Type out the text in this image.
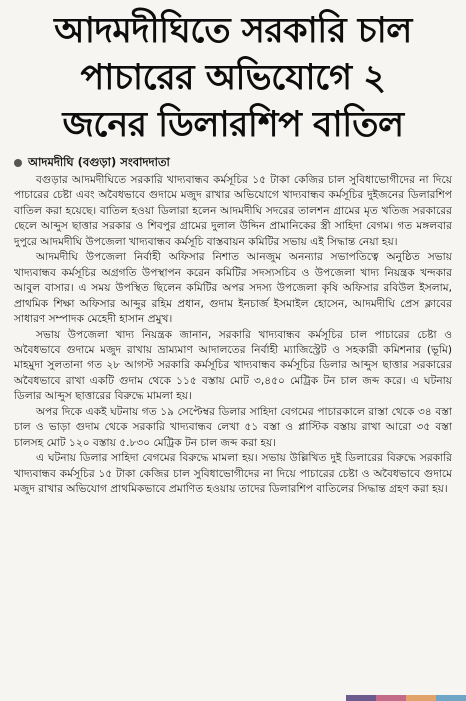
আদমদীঘিতে সরকারি চাল
পাচারের অভিযোগে ২
জনের ডিলারশিপ বাতিল
আদমদীঘি (বগুড়া) সংবাদদাতা

বগুড়ার আদমদীঘিতে সরকারি খাদ্যবান্ধব কর্মসূচির ১৫ টাকা কেজির চাল সুবিধাভোগীদের না দিয়ে পাচারের চেষ্টা এবং অবৈধভাবে গুদামে মজুদ রাখার অভিযোগে খাদ্যবান্ধব কর্মসূচির দুইজনের ডিলারশিপ বাতিল করা হয়েছে। বাতিল হওয়া ডিলারা হলেন আদমদীঘি সদরের তালশন গ্রামের মৃত খতিজ সরকারের ছেলে আব্দুস ছাত্তার সরকার ও শিবপুর গ্রামের দুলাল উদ্দিন প্রামানিকের স্ত্রী সাহিদা বেগম। গত মঙ্গলবার দুপুরে আদমদীঘি উপজেলা খাদ্যবান্ধব কর্মসূচি বাস্তবায়ন কমিটির সভায় এই সিদ্ধান্ত নেয়া হয়।

আদমদীঘি উপজেলা নির্বাহী অফিসার নিশাত আনজুম অনন্যার সভাপতিত্বে অনুষ্ঠিত সভায় খাদ্যবান্ধব কর্মসূচির অগ্রগতি উপস্থাপন করেন কমিটির সদস্যসচিব ও উপজেলা খাদ্য নিয়ন্ত্রক খন্দকার আবুল বাসার। এ সময় উপস্থিত ছিলেন কমিটির অপর সদস্য উপজেলা কৃষি অফিসার রবিউল ইসলাম, প্রাথমিক শিক্ষা অফিসার আব্দুর রহিম প্রধান, গুদাম ইনচার্জ ইসমাইল হোসেন, আদমদীঘি প্রেস ক্লাবের সাধারণ সম্পাদক মেহেদী হাসান প্রমুখ।

সভায় উপজেলা খাদ্য নিয়ন্ত্রক জানান, সরকারি খাদ্যবান্ধব কর্মসূচির চাল পাচারের চেষ্টা ও অবৈধভাবে গুদামে মজুদ রাখায় ভ্রাম্যমাণ আদালতের নির্বাহী ম্যাজিস্ট্রেট ও সহকারী কমিশনার (ভূমি) মাহমুদা সুলতানা গত ২৮ আগস্ট সরকারি কর্মসূচির খাদ্যবান্ধব কর্মসূচির ডিলার আব্দুস ছাত্তার সরকারের অবৈধভাবে রাখা একটি গুদাম থেকে ১১৫ বস্তায় মোট ৩,৪৫০ মেট্রিক টন চাল জব্দ করে। এ ঘটনায় ডিলার আব্দুস ছাত্তারের বিরুদ্ধে মামলা হয়।

অপর দিকে একই ঘটনায় গত ১৯ সেপ্টেম্বর ডিলার সাহিদা বেগমের পাচারকালে রাস্তা থেকে ৩৪ বস্তা চাল ও ভাড়া গুদাম থেকে সরকারি খাদ্যবান্ধব লেখা ৫১ বস্তা ও প্লাস্টিক বস্তায় রাখা আরো ৩৫ বস্তা চালসহ মোট ১২০ বস্তায় ৫.৮৩০ মেট্রিক টন চাল জব্দ করা হয়।

এ ঘটনায় ডিলার সাহিদা বেগমের বিরুদ্ধে মামলা হয়। সভায় উল্লিখিত দুই ডিলারের বিরুদ্ধে সরকারি খাদ্যবান্ধব কর্মসূচির ১৫ টাকা কেজির চাল সুবিধাভোগীদের না দিয়ে পাচারের চেষ্টা ও অবৈধভাবে গুদামে মজুদ রাখার অভিযোগ প্রাথমিকভাবে প্রমাণিত হওয়ায় তাদের ডিলারশিপ বাতিলের সিদ্ধান্ত গ্রহণ করা হয়।
